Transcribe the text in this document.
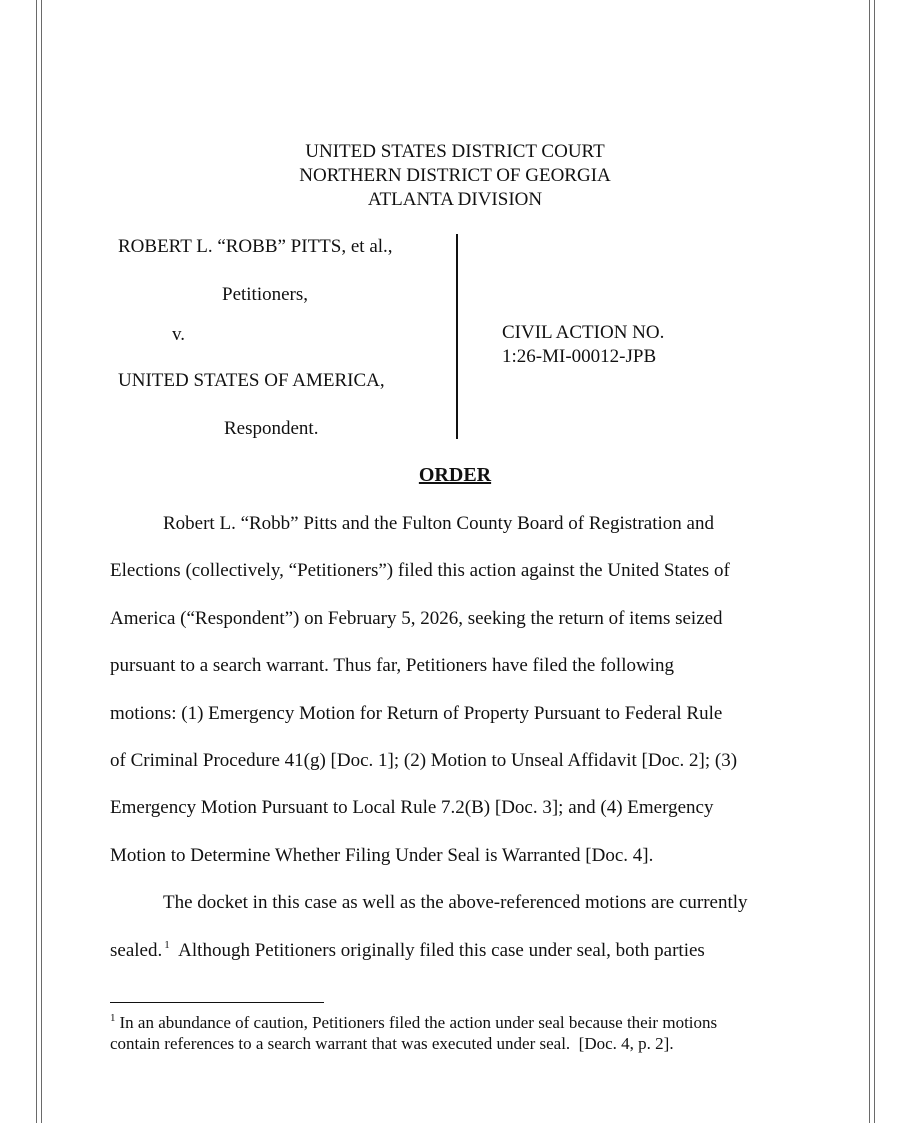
UNITED STATES DISTRICT COURT
NORTHERN DISTRICT OF GEORGIA
ATLANTA DIVISION
ROBERT L. “ROBB” PITTS, et al.,
Petitioners,
v.
UNITED STATES OF AMERICA,
Respondent.
CIVIL ACTION NO.
1:26-MI-00012-JPB
ORDER
Robert L. “Robb” Pitts and the Fulton County Board of Registration and
Elections (collectively, “Petitioners”) filed this action against the United States of
America (“Respondent”) on February 5, 2026, seeking the return of items seized
pursuant to a search warrant. Thus far, Petitioners have filed the following
motions: (1) Emergency Motion for Return of Property Pursuant to Federal Rule
of Criminal Procedure 41(g) [Doc. 1]; (2) Motion to Unseal Affidavit [Doc. 2]; (3)
Emergency Motion Pursuant to Local Rule 7.2(B) [Doc. 3]; and (4) Emergency
Motion to Determine Whether Filing Under Seal is Warranted [Doc. 4].
The docket in this case as well as the above-referenced motions are currently
sealed. $^1$  Although Petitioners originally filed this case under seal, both parties
$^1$ In an abundance of caution, Petitioners filed the action under seal because their motions
contain references to a search warrant that was executed under seal.  [Doc. 4, p. 2].
